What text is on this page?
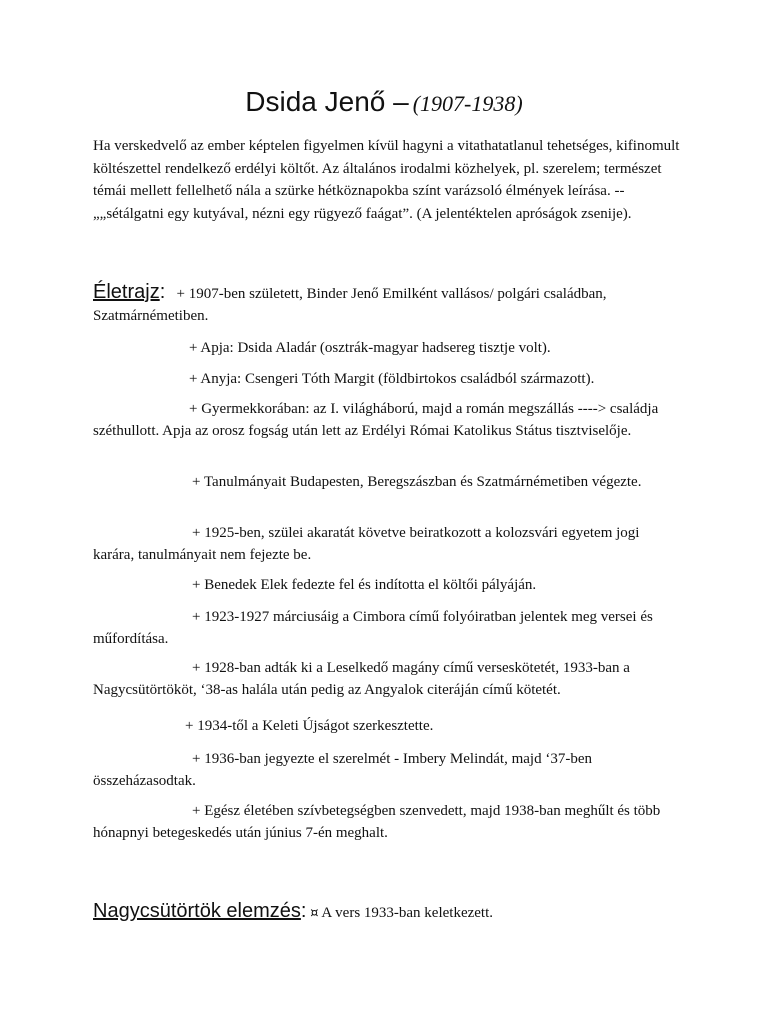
Dsida Jenő – (1907-1938)
Ha verskedvelő az ember képtelen figyelmen kívül hagyni a vitathatatlanul tehetséges, kifinomult költészettel rendelkező erdélyi költőt. Az általános irodalmi közhelyek, pl. szerelem; természet témái mellett fellelhető nála a szürke hétköznapokba színt varázsoló élmények leírása. -- „„sétálgatni egy kutyával, nézni egy rügyező faágat”. (A jelentéktelen apróságok zsenije).
Életrajz: + 1907-ben született, Binder Jenő Emilként vallásos/ polgári családban, Szatmárnémetiben.
+ Apja: Dsida Aladár (osztrák-magyar hadsereg tisztje volt).
+ Anyja: Csengeri Tóth Margit (földbirtokos családból származott).
+ Gyermekkorában: az I. világháború, majd a román megszállás ----> családja széthullott. Apja az orosz fogság után lett az Erdélyi Római Katolikus Státus tisztviselője.
+ Tanulmányait Budapesten, Beregszászban és Szatmárnémetiben végezte.
+ 1925-ben, szülei akaratát követve beiratkozott a kolozsvári egyetem jogi karára, tanulmányait nem fejezte be.
+ Benedek Elek fedezte fel és indította el költői pályáján.
+ 1923-1927 márciusáig a Cimbora című folyóiratban jelentek meg versei és műfordítása.
+ 1928-ban adták ki a Leselkedő magány című verseskötetét, 1933-ban a Nagycsütörtököt, ‘38-as halála után pedig az Angyalok citeráján című kötetét.
+ 1934-től a Keleti Újságot szerkesztette.
+ 1936-ban jegyezte el szerelmét - Imbery Melindát, majd ‘37-ben összeházasodtak.
+ Egész életében szívbetegségben szenvedett, majd 1938-ban meghűlt és több hónapnyi betegeskedés után június 7-én meghalt.
Nagycsütörtök elemzés: ¤ A vers 1933-ban keletkezett.
